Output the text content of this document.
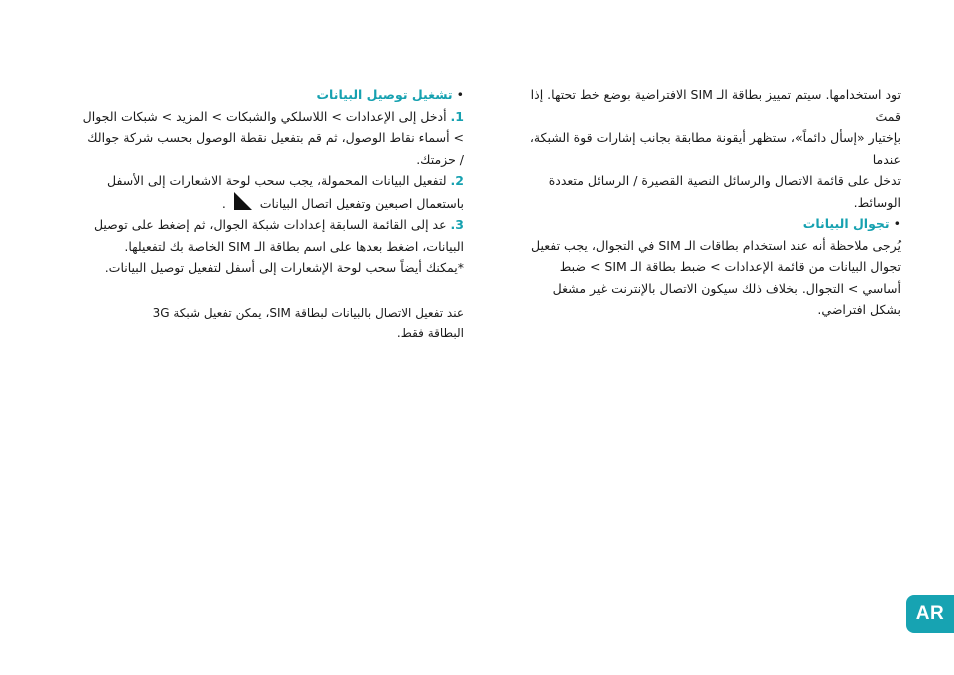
تود استخدامها. سيتم تمييز بطاقة الـ SIM الافتراضية بوضع خط تحتها. إذا قمتَ

بإختيار «إسأل دائماً»، ستظهر أيقونة مطابقة بجانب إشارات قوة الشبكة، عندما

تدخل على قائمة الاتصال والرسائل النصية القصيرة / الرسائل متعددة الوسائط.

• تجوال البيانات

يُرجى ملاحظة أنه عند استخدام بطاقات الـ SIM في التجوال، يجب تفعيل

تجوال البيانات من قائمة الإعدادات > ضبط بطاقة الـ SIM > ضبط

أساسي > التجوال. بخلاف ذلك سيكون الاتصال بالإنترنت غير مشغل

بشكل افتراضي.

• تشغيل توصيل البيانات

1. أدخل إلى الإعدادات > اللاسلكي والشبكات > المزيد > شبكات الجوال

> أسماء نقاط الوصول، ثم قم بتفعيل نقطة الوصول بحسب شركة جوالك

/ حزمتك.

2. لتفعيل البيانات المحمولة، يجب سحب لوحة الاشعارات إلى الأسفل

باستعمال اصبعين وتفعيل اتصال البيانات  .

3. عد إلى القائمة السابقة إعدادات شبكة الجوال، ثم إضغط على توصيل

البيانات، اضغط بعدها على اسم بطاقة الـ SIM الخاصة بك لتفعيلها.

*يمكنك أيضاً سحب لوحة الإشعارات إلى أسفل لتفعيل توصيل البيانات.

عند تفعيل الاتصال بالبيانات لبطاقة SIM، يمكن تفعيل شبكة 3G

البطاقة فقط.

AR
